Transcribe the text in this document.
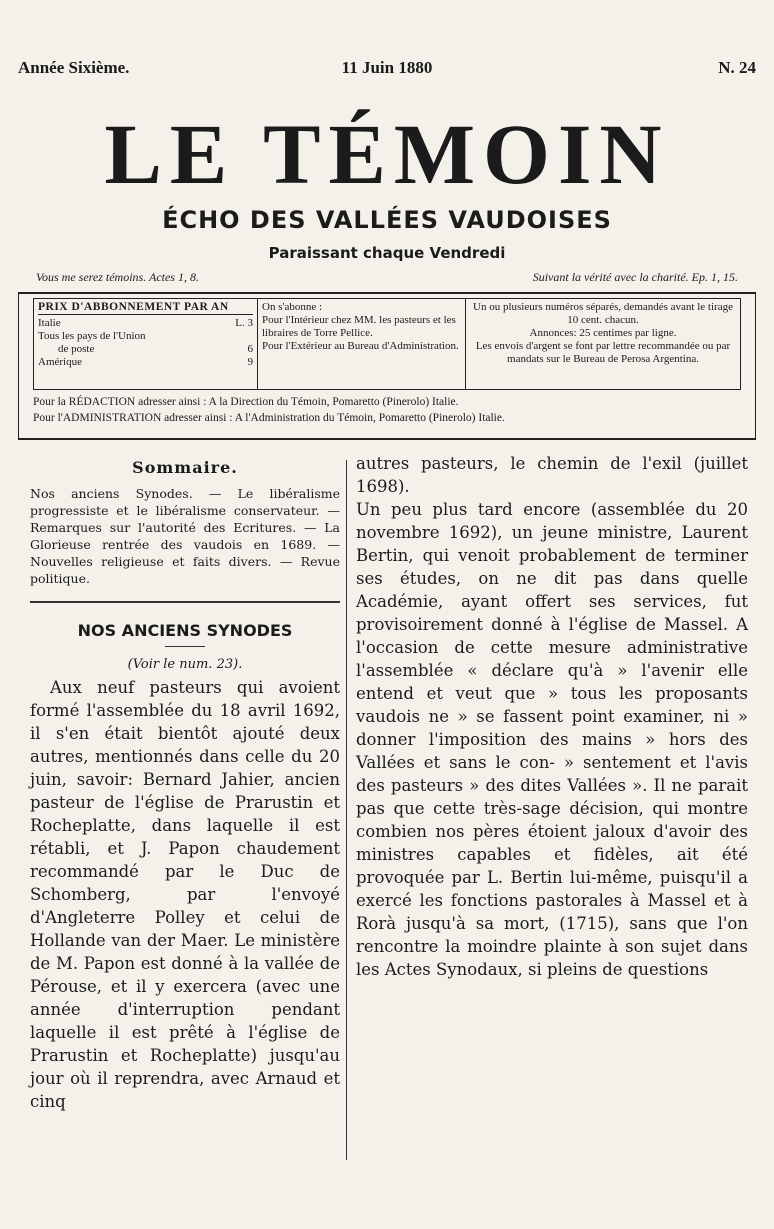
Année Sixième.	11 Juin 1880	N. 24
LE TÉMOIN
ÉCHO DES VALLÉES VAUDOISES
Paraissant chaque Vendredi
Vous me serez témoins. Actes 1, 8.	Suivant la vérité avec la charité. Ep. 1, 15.
PRIX D'ABBONNEMENT PAR AN
Italie	L. 3
Tous les pays de l'Union
de poste	6
Amérique	9
On s'abonne :
Pour l'Intérieur chez MM. les pasteurs et les libraires de Torre Pellice.
Pour l'Extérieur au Bureau d'Administration.
Un ou plusieurs numéros séparés, demandés avant le tirage 10 cent. chacun.
Annonces: 25 centimes par ligne.
Les envois d'argent se font par lettre recommandée ou par mandats sur le Bureau de Perosa Argentina.
Pour la RÉDACTION adresser ainsi : A la Direction du Témoin, Pomaretto (Pinerolo) Italie.
Pour l'ADMINISTRATION adresser ainsi : A l'Administration du Témoin, Pomaretto (Pinerolo) Italie.
Sommaire.
Nos anciens Synodes. — Le libéralisme progressiste et le libéralisme conservateur. — Remarques sur l'autorité des Ecritures. — La Glorieuse rentrée des vaudois en 1689. — Nouvelles religieuse et faits divers. — Revue politique.
NOS ANCIENS SYNODES
(Voir le num. 23).

Aux neuf pasteurs qui avoient formé l'assemblée du 18 avril 1692, il s'en était bientôt ajouté deux autres, mentionnés dans celle du 20 juin, savoir: Bernard Jahier, ancien pasteur de l'église de Prarustin et Rocheplatte, dans laquelle il est rétabli, et J. Papon chaudement recommandé par le Duc de Schomberg, par l'envoyé d'Angleterre Polley et celui de Hollande van der Maer. Le ministère de M. Papon est donné à la vallée de Pérouse, et il y exercera (avec une année d'interruption pendant laquelle il est prêté à l'église de Prarustin et Rocheplatte) jusqu'au jour où il reprendra, avec Arnaud et cinq

autres pasteurs, le chemin de l'exil (juillet 1698).
Un peu plus tard encore (assemblée du 20 novembre 1692), un jeune ministre, Laurent Bertin, qui venoit probablement de terminer ses études, on ne dit pas dans quelle Académie, ayant offert ses services, fut provisoirement donné à l'église de Massel. A l'occasion de cette mesure administrative l'assemblée « déclare qu'à » l'avenir elle entend et veut que » tous les proposants vaudois ne » se fassent point examiner, ni » donner l'imposition des mains » hors des Vallées et sans le con- » sentement et l'avis des pasteurs » des dites Vallées ». Il ne parait pas que cette très-sage décision, qui montre combien nos pères étoient jaloux d'avoir des ministres capables et fidèles, ait été provoquée par L. Bertin lui-même, puisqu'il a exercé les fonctions pastorales à Massel et à Rorà jusqu'à sa mort, (1715), sans que l'on rencontre la moindre plainte à son sujet dans les Actes Synodaux, si pleins de questions
